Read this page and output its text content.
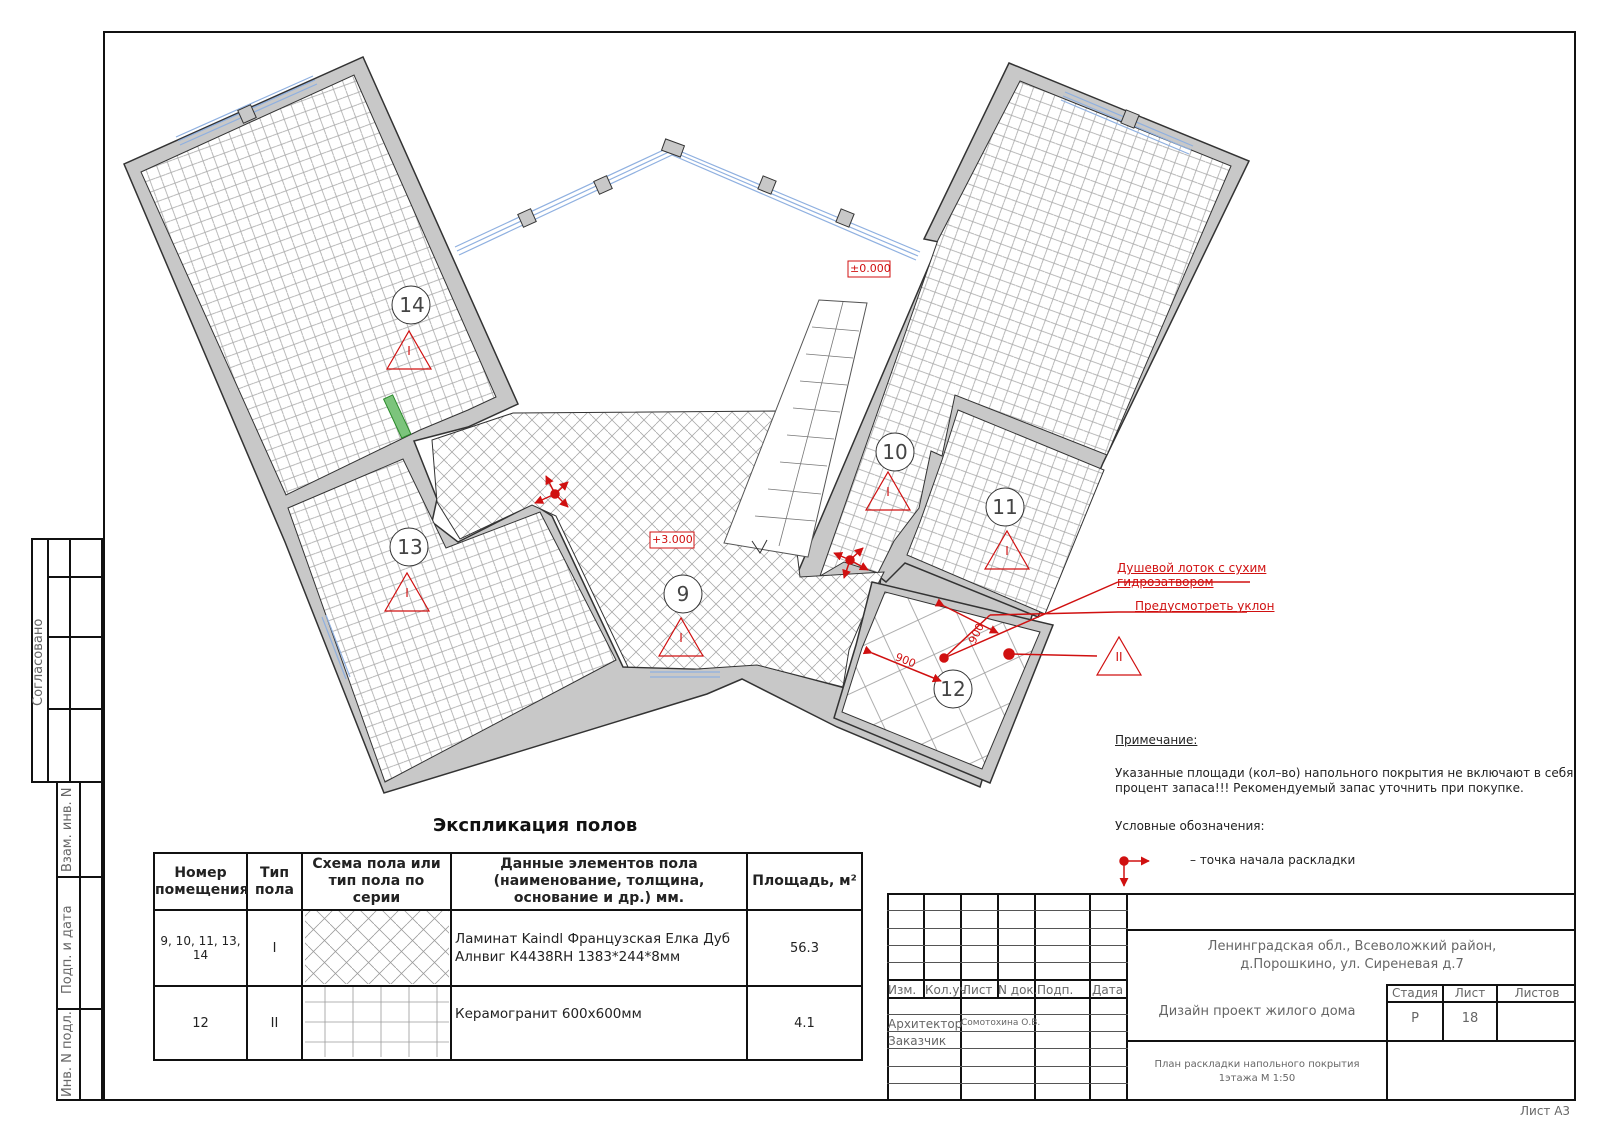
Согласовано
Взам. инв. N
Подп. и дата
Инв. N подл.
14
I
13
I
10
I
11
I
9
I
12
II
±0.000
+3.000
900
900
Душевой лоток с сухим гидрозатвором
Предусмотреть уклон
Примечание:
Указанные площади (кол–во) напольного покрытия не включают в себя
процент запаса!!! Рекомендуемый запас уточнить при покупке.
Условные обозначения:
– точка начала раскладки
Экспликация полов
Номер помещения	Тип пола	Схема пола или тип пола по серии	Данные элементов пола (наименование, толщина, основание и др.) мм.	Площадь, м²
9, 10, 11, 13, 14	I		Ламинат Kaindl Французская Елка Дуб
Алнвиг К4438RH 1383*244*8мм	56.3
12	II		Керамогранит 600х600мм	4.1
Изм. Кол.уч
Лист N док. Подп. Дата
Архитектор
Сомотохина О.В.
Заказчик
Ленинградская обл., Всеволожкий район,
д.Порошкино, ул. Сиреневая д.7
Дизайн проект жилого дома
Стадия	Лист	Листов
Р	18
План раскладки напольного покрытия
1этажа М 1:50
Лист А3
